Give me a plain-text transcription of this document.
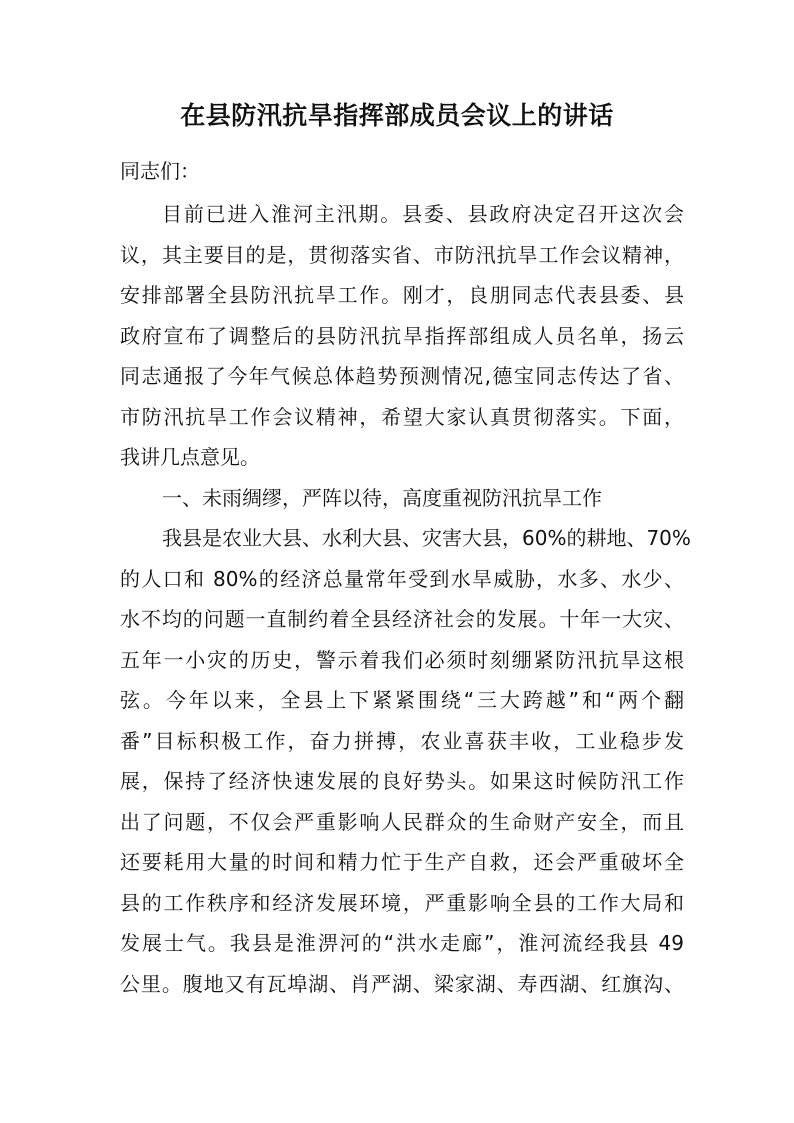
在县防汛抗旱指挥部成员会议上的讲话

同志们：

目前已进入淮河主汛期。县委、县政府决定召开这次会
议，其主要目的是，贯彻落实省、市防汛抗旱工作会议精神，
安排部署全县防汛抗旱工作。刚才，良朋同志代表县委、县
政府宣布了调整后的县防汛抗旱指挥部组成人员名单，扬云
同志通报了今年气候总体趋势预测情况,德宝同志传达了省、
市防汛抗旱工作会议精神，希望大家认真贯彻落实。下面，
我讲几点意见。
一、未雨绸缪，严阵以待，高度重视防汛抗旱工作
我县是农业大县、水利大县、灾害大县，60%的耕地、70%
的人口和 80%的经济总量常年受到水旱威胁，水多、水少、
水不均的问题一直制约着全县经济社会的发展。十年一大灾、
五年一小灾的历史，警示着我们必须时刻绷紧防汛抗旱这根
弦。今年以来，全县上下紧紧围绕“三大跨越”和“两个翻
番”目标积极工作，奋力拼搏，农业喜获丰收，工业稳步发
展，保持了经济快速发展的良好势头。如果这时候防汛工作
出了问题，不仅会严重影响人民群众的生命财产安全，而且
还要耗用大量的时间和精力忙于生产自救，还会严重破坏全
县的工作秩序和经济发展环境，严重影响全县的工作大局和
发展士气。我县是淮淠河的“洪水走廊”，淮河流经我县 49
公里。腹地又有瓦埠湖、肖严湖、梁家湖、寿西湖、红旗沟、
